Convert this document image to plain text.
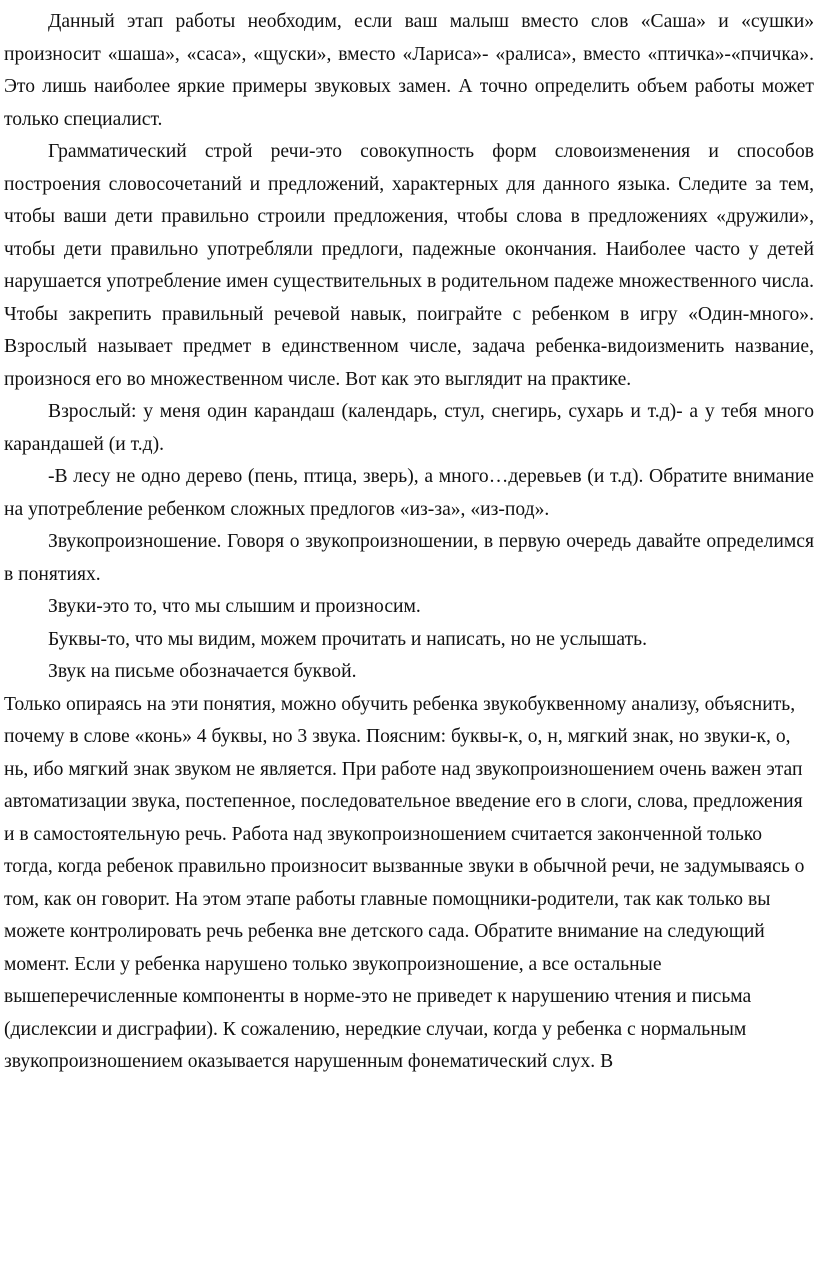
Данный этап работы необходим, если ваш малыш вместо слов «Саша» и «сушки» произносит «шаша», «саса», «щуски», вместо «Лариса»- «ралиса», вместо «птичка»-«пчичка». Это лишь наиболее яркие примеры звуковых замен. А точно определить объем работы может только специалист.

Грамматический строй речи-это совокупность форм словоизменения и способов построения словосочетаний и предложений, характерных для данного языка. Следите за тем, чтобы ваши дети правильно строили предложения, чтобы слова в предложениях «дружили», чтобы дети правильно употребляли предлоги, падежные окончания. Наиболее часто у детей нарушается употребление имен существительных в родительном падеже множественного числа. Чтобы закрепить правильный речевой навык, поиграйте с ребенком в игру «Один-много». Взрослый называет предмет в единственном числе, задача ребенка-видоизменить название, произнося его во множественном числе. Вот как это выглядит на практике.

Взрослый: у меня один карандаш (календарь, стул, снегирь, сухарь и т.д)- а у тебя много карандашей (и т.д).

-В лесу не одно дерево (пень, птица, зверь), а много…деревьев (и т.д). Обратите внимание на употребление ребенком сложных предлогов «из-за», «из-под».

Звукопроизношение. Говоря о звукопроизношении, в первую очередь давайте определимся в понятиях.

Звуки-это то, что мы слышим и произносим.

Буквы-то, что мы видим, можем прочитать и написать, но не услышать.

Звук на письме обозначается буквой.

Только опираясь на эти понятия, можно обучить ребенка звукобуквенному анализу, объяснить, почему в слове «конь» 4 буквы, но 3 звука. Поясним: буквы-к, о, н, мягкий знак, но звуки-к, о, нь, ибо мягкий знак звуком не является. При работе над звукопроизношением очень важен этап автоматизации звука, постепенное, последовательное введение его в слоги, слова, предложения и в самостоятельную речь. Работа над звукопроизношением считается законченной только тогда, когда ребенок правильно произносит вызванные звуки в обычной речи, не задумываясь о том, как он говорит. На этом этапе работы главные помощники-родители, так как только вы можете контролировать речь ребенка вне детского сада. Обратите внимание на следующий момент. Если у ребенка нарушено только звукопроизношение, а все остальные вышеперечисленные компоненты в норме-это не приведет к нарушению чтения и письма (дислексии и дисграфии). К сожалению, нередкие случаи, когда у ребенка с нормальным звукопроизношением оказывается нарушенным фонематический слух. В
